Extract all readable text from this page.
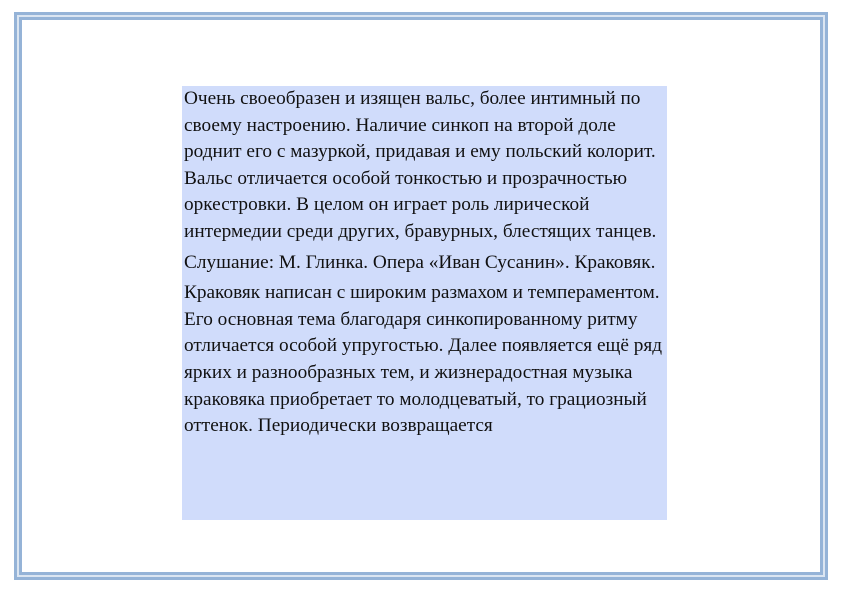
Очень своеобразен и изящен вальс, более интимный по своему настроению. Наличие синкоп на второй доле роднит его с мазуркой, придавая и ему польский колорит. Вальс отличается особой тонкостью и прозрачностью оркестровки. В целом он играет роль лирической интермедии среди других, бравурных, блестящих танцев.

Слушание: М. Глинка. Опера «Иван Сусанин». Краковяк.

Краковяк написан с широким размахом и темпераментом. Его основная тема благодаря синкопированному ритму отличается особой упругостью. Далее появляется ещё ряд ярких и разнообразных тем, и жизнерадостная музыка краковяка приобретает то молодцеватый, то грациозный оттенок. Периодически возвращается
